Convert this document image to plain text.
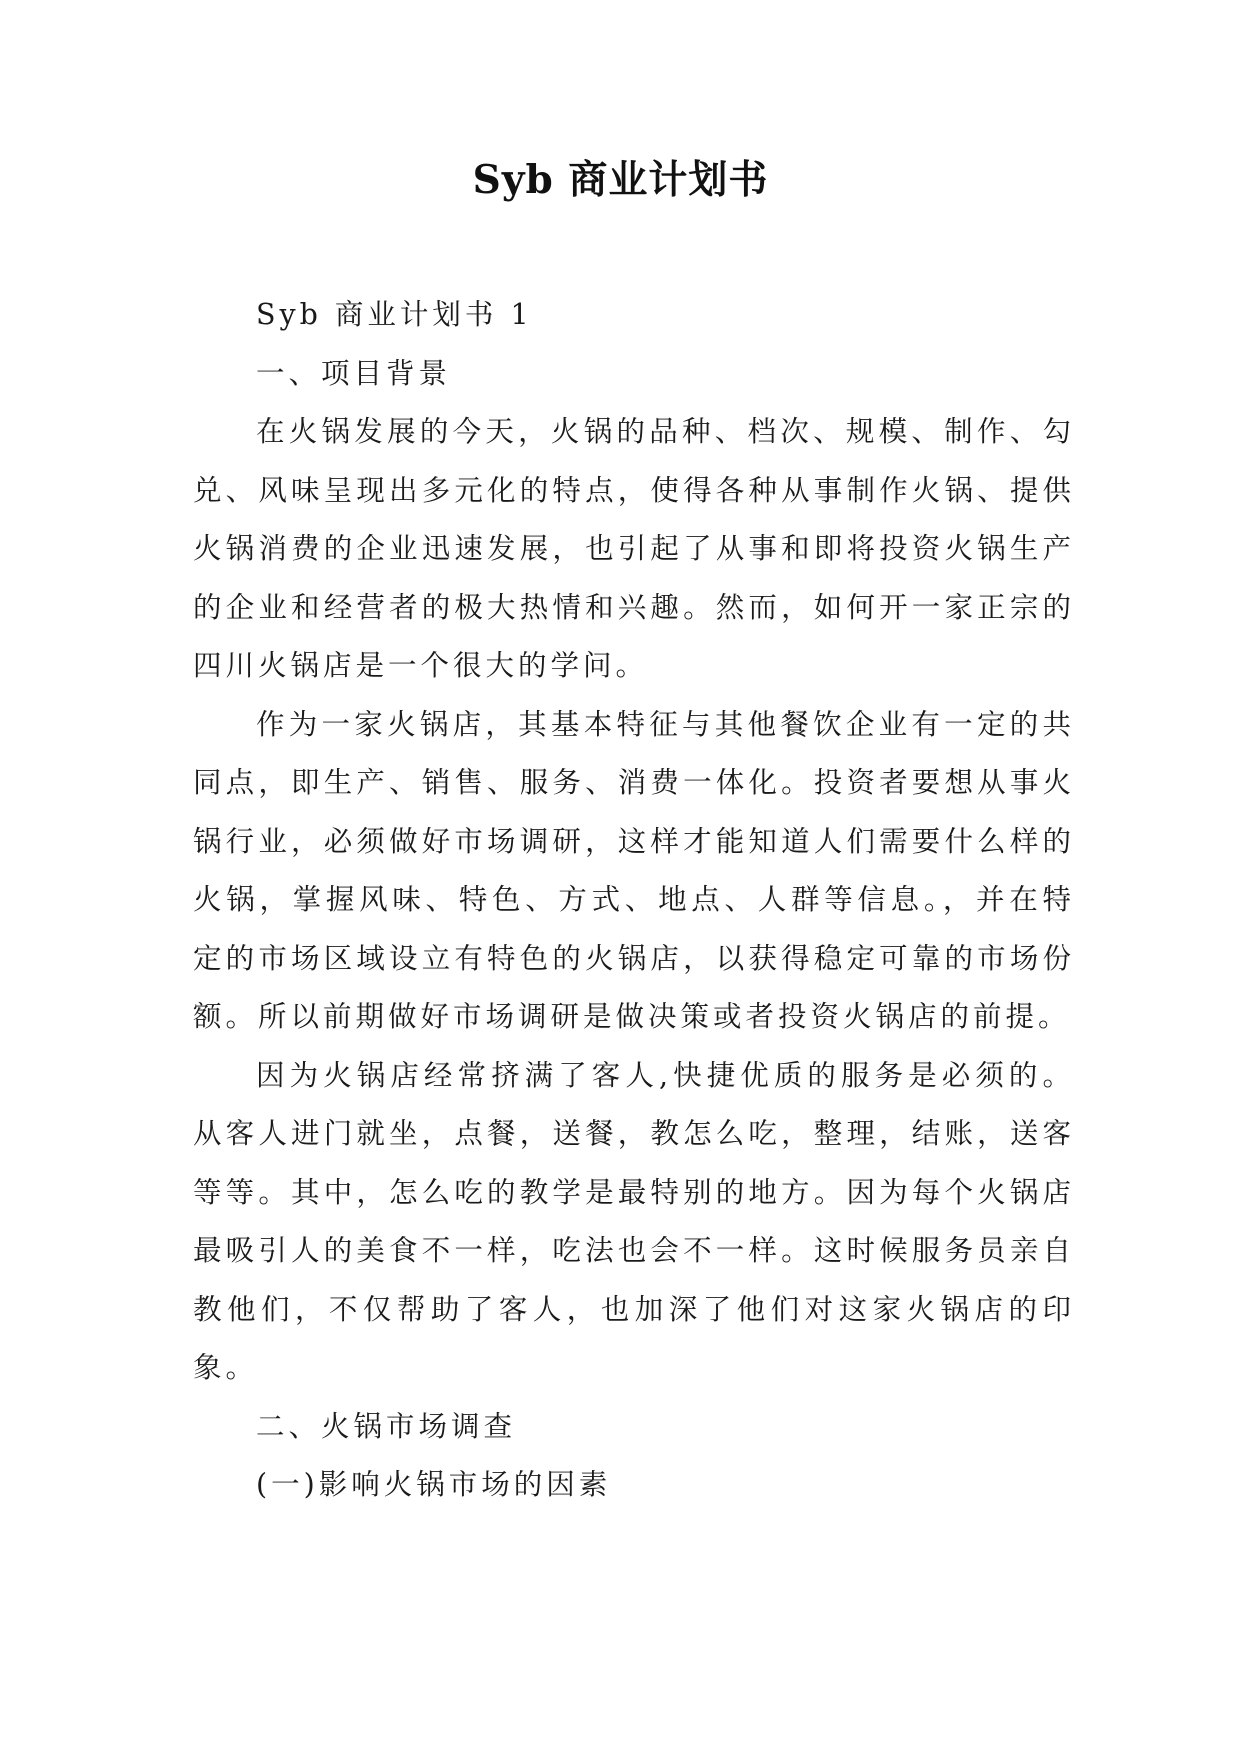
Syb 商业计划书

Syb 商业计划书 1

一、项目背景

在火锅发展的今天，火锅的品种、档次、规模、制作、勾兑、风味呈现出多元化的特点，使得各种从事制作火锅、提供火锅消费的企业迅速发展，也引起了从事和即将投资火锅生产的企业和经营者的极大热情和兴趣。然而，如何开一家正宗的四川火锅店是一个很大的学问。

作为一家火锅店，其基本特征与其他餐饮企业有一定的共同点，即生产、销售、服务、消费一体化。投资者要想从事火锅行业，必须做好市场调研，这样才能知道人们需要什么样的火锅，掌握风味、特色、方式、地点、人群等信息。，并在特定的市场区域设立有特色的火锅店，以获得稳定可靠的市场份额。所以前期做好市场调研是做决策或者投资火锅店的前提。

因为火锅店经常挤满了客人,快捷优质的服务是必须的。从客人进门就坐，点餐，送餐，教怎么吃，整理，结账，送客等等。其中，怎么吃的教学是最特别的地方。因为每个火锅店最吸引人的美食不一样，吃法也会不一样。这时候服务员亲自教他们，不仅帮助了客人，也加深了他们对这家火锅店的印象。

二、火锅市场调查

(一)影响火锅市场的因素
